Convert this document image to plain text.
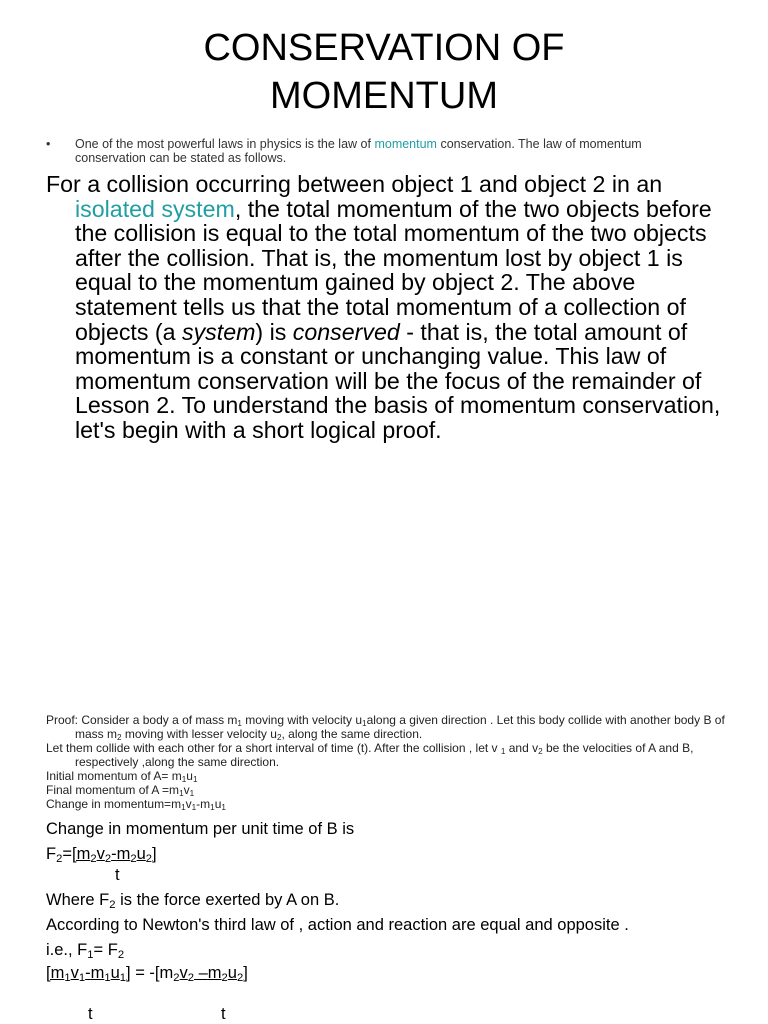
CONSERVATION OF
MOMENTUM
•	One of the most powerful laws in physics is the law of momentum conservation. The law of momentum conservation can be stated as follows.
For a collision occurring between object 1 and object 2 in an isolated system, the total momentum of the two objects before the collision is equal to the total momentum of the two objects after the collision. That is, the momentum lost by object 1 is equal to the momentum gained by object 2. The above statement tells us that the total momentum of a collection of objects (a system) is conserved - that is, the total amount of momentum is a constant or unchanging value. This law of momentum conservation will be the focus of the remainder of Lesson 2. To understand the basis of momentum conservation, let's begin with a short logical proof.

Proof: Consider a body a of mass $m_1$ moving with velocity $u_1along$ a given direction . Let this body collide with another body B of mass $m_2$ moving with lesser velocity $u_2$, along the same direction.

Let them collide with each other for a short interval of time (t). After the collision , let v $_1$ and $v_2$ be the velocities of A and B, respectively ,along the same direction.

Initial momentum of $A= m_1u_1$

Final momentum of $A =m_1v_1$

Change in $momentum=m_1v_1-m_1u_1$

Change in momentum per unit time of B is

$F_2=[m_2v_2-m_2u_2]$

t

Where $F_2$ is the force exerted by A on B.

According to Newton's third law of , action and reaction are equal and opposite .

i.e., $F_1= F_2$

$[m_1v_1-m_1u_1] = -[m_2v_2$ $-m_2u_2$]

t	t
